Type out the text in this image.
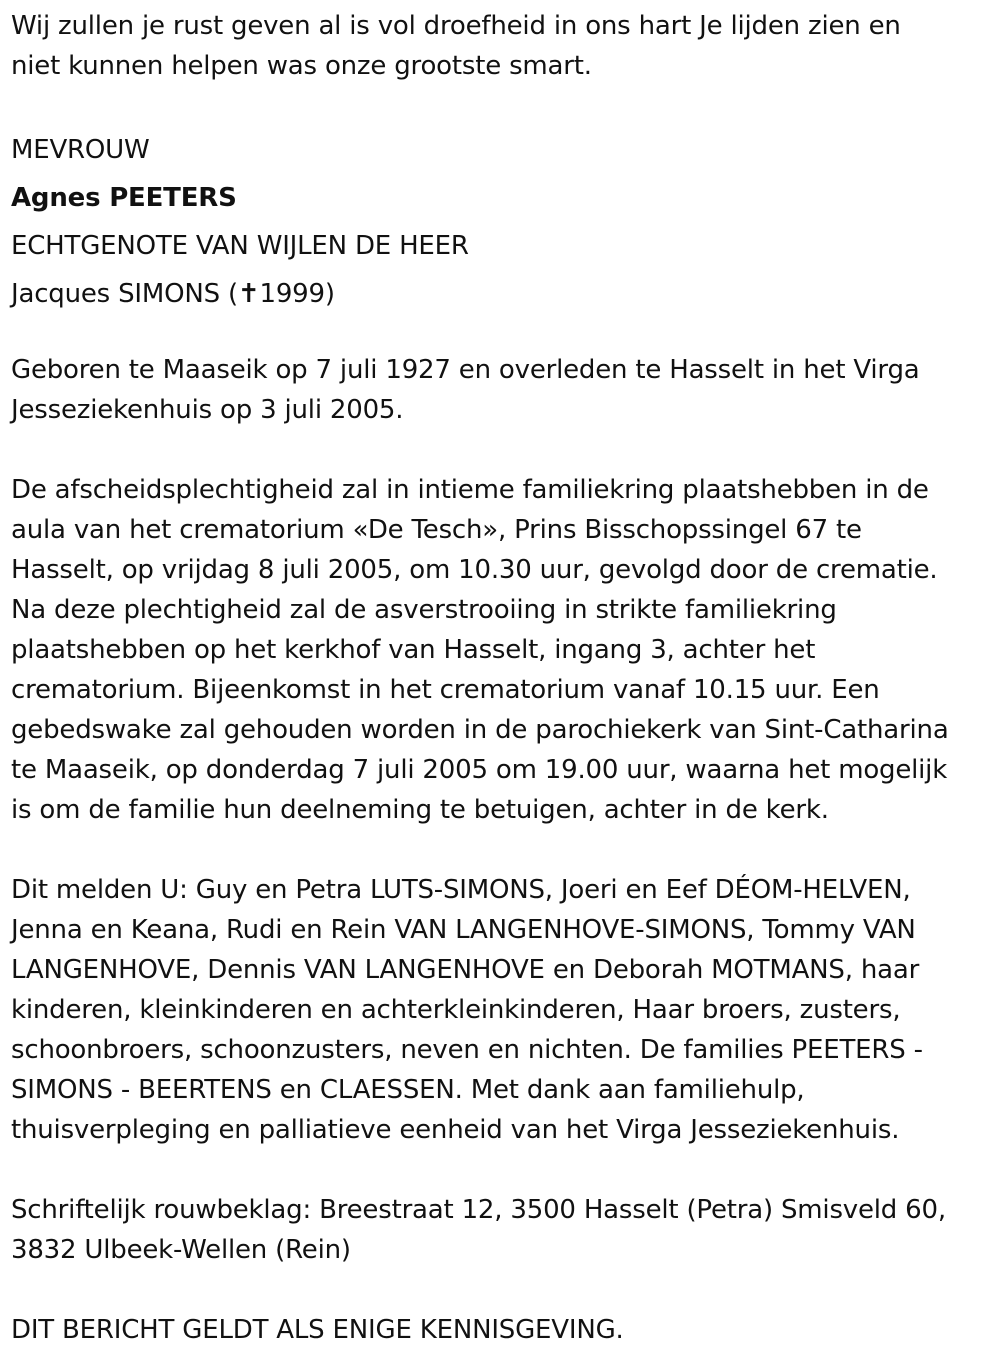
Wij zullen je rust geven al is vol droefheid in ons hart Je lijden zien en
niet kunnen helpen was onze grootste smart.

MEVROUW

Agnes PEETERS

ECHTGENOTE VAN WIJLEN DE HEER

Jacques SIMONS (✝1999)

Geboren te Maaseik op 7 juli 1927 en overleden te Hasselt in het Virga
Jesseziekenhuis op 3 juli 2005.

De afscheidsplechtigheid zal in intieme familiekring plaatshebben in de
aula van het crematorium «De Tesch», Prins Bisschopssingel 67 te
Hasselt, op vrijdag 8 juli 2005, om 10.30 uur, gevolgd door de crematie.
Na deze plechtigheid zal de asverstrooiing in strikte familiekring
plaatshebben op het kerkhof van Hasselt, ingang 3, achter het
crematorium. Bijeenkomst in het crematorium vanaf 10.15 uur. Een
gebedswake zal gehouden worden in de parochiekerk van Sint-Catharina
te Maaseik, op donderdag 7 juli 2005 om 19.00 uur, waarna het mogelijk
is om de familie hun deelneming te betuigen, achter in de kerk.

Dit melden U: Guy en Petra LUTS-SIMONS, Joeri en Eef DÉOM-HELVEN,
Jenna en Keana, Rudi en Rein VAN LANGENHOVE-SIMONS, Tommy VAN
LANGENHOVE, Dennis VAN LANGENHOVE en Deborah MOTMANS, haar
kinderen, kleinkinderen en achterkleinkinderen, Haar broers, zusters,
schoonbroers, schoonzusters, neven en nichten. De families PEETERS -
SIMONS - BEERTENS en CLAESSEN. Met dank aan familiehulp,
thuisverpleging en palliatieve eenheid van het Virga Jesseziekenhuis.

Schriftelijk rouwbeklag: Breestraat 12, 3500 Hasselt (Petra) Smisveld 60,
3832 Ulbeek-Wellen (Rein)

DIT BERICHT GELDT ALS ENIGE KENNISGEVING.
